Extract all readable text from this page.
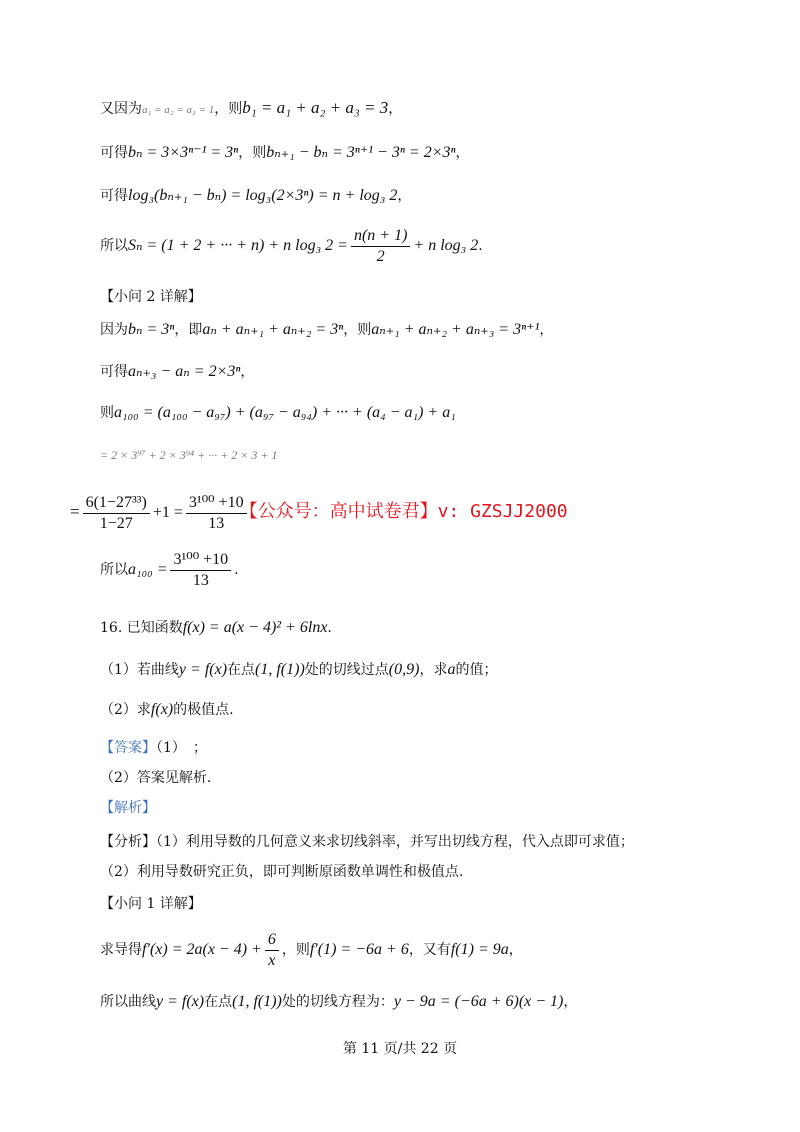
又因为a₁ = a₂ = a₃ = 1，则b₁ = a₁ + a₂ + a₃ = 3，
可得bₙ = 3×3ⁿ⁻¹ = 3ⁿ，则bₙ₊₁ − bₙ = 3ⁿ⁺¹ − 3ⁿ = 2×3ⁿ，
可得log₃(bₙ₊₁ − bₙ) = log₃(2×3ⁿ) = n + log₃ 2，
所以Sₙ = (1 + 2 + ··· + n) + n log₃ $2 = \frac{n(n + 1)}{2} + n$ log₃ 2.
【小问 2 详解】
因为bₙ = 3ⁿ，即aₙ + aₙ₊₁ + aₙ₊₂ = 3ⁿ，则aₙ₊₁ + aₙ₊₂ + aₙ₊₃ = 3ⁿ⁺¹，
可得aₙ₊₃ − aₙ = 2×3ⁿ，
则a₁₀₀ = (a₁₀₀ − a₉₇) + (a₉₇ − a₉₄) + ··· + (a₄ − a₁) + a₁
= 2 × 3⁹⁷ + 2 × 3⁹⁴ + ··· + 2 × 3 + 1
= $\frac{\text{6(1−27³³)}}{1-27} +1 = \frac{\text{3¹⁰⁰ +10}}{13}$
【公众号：高中试卷君】v: GZSJJ2000
所以$a_{100} = \frac{\text{3¹⁰⁰ +10}}{13}$ .
16. 已知函数f(x) = a(x − 4)² + 6lnx.
（1）若曲线y = f(x)在点(1, f(1))处的切线过点(0,9)，求a的值；
（2）求f(x)的极值点.
【答案】（1）　；
（2）答案见解析.
【解析】
【分析】（1）利用导数的几何意义来求切线斜率，并写出切线方程，代入点即可求值；
（2）利用导数研究正负，即可判断原函数单调性和极值点.
【小问 1 详解】
求导得$f'(x) = 2a(x - 4) + \frac{6}{x}$ ，则f′(1) = −6a + 6，又有f(1) = 9a，
所以曲线y = f(x)在点(1, f(1))处的切线方程为：y − 9a = (−6a + 6)(x − 1)，
第 11 页/共 22 页
